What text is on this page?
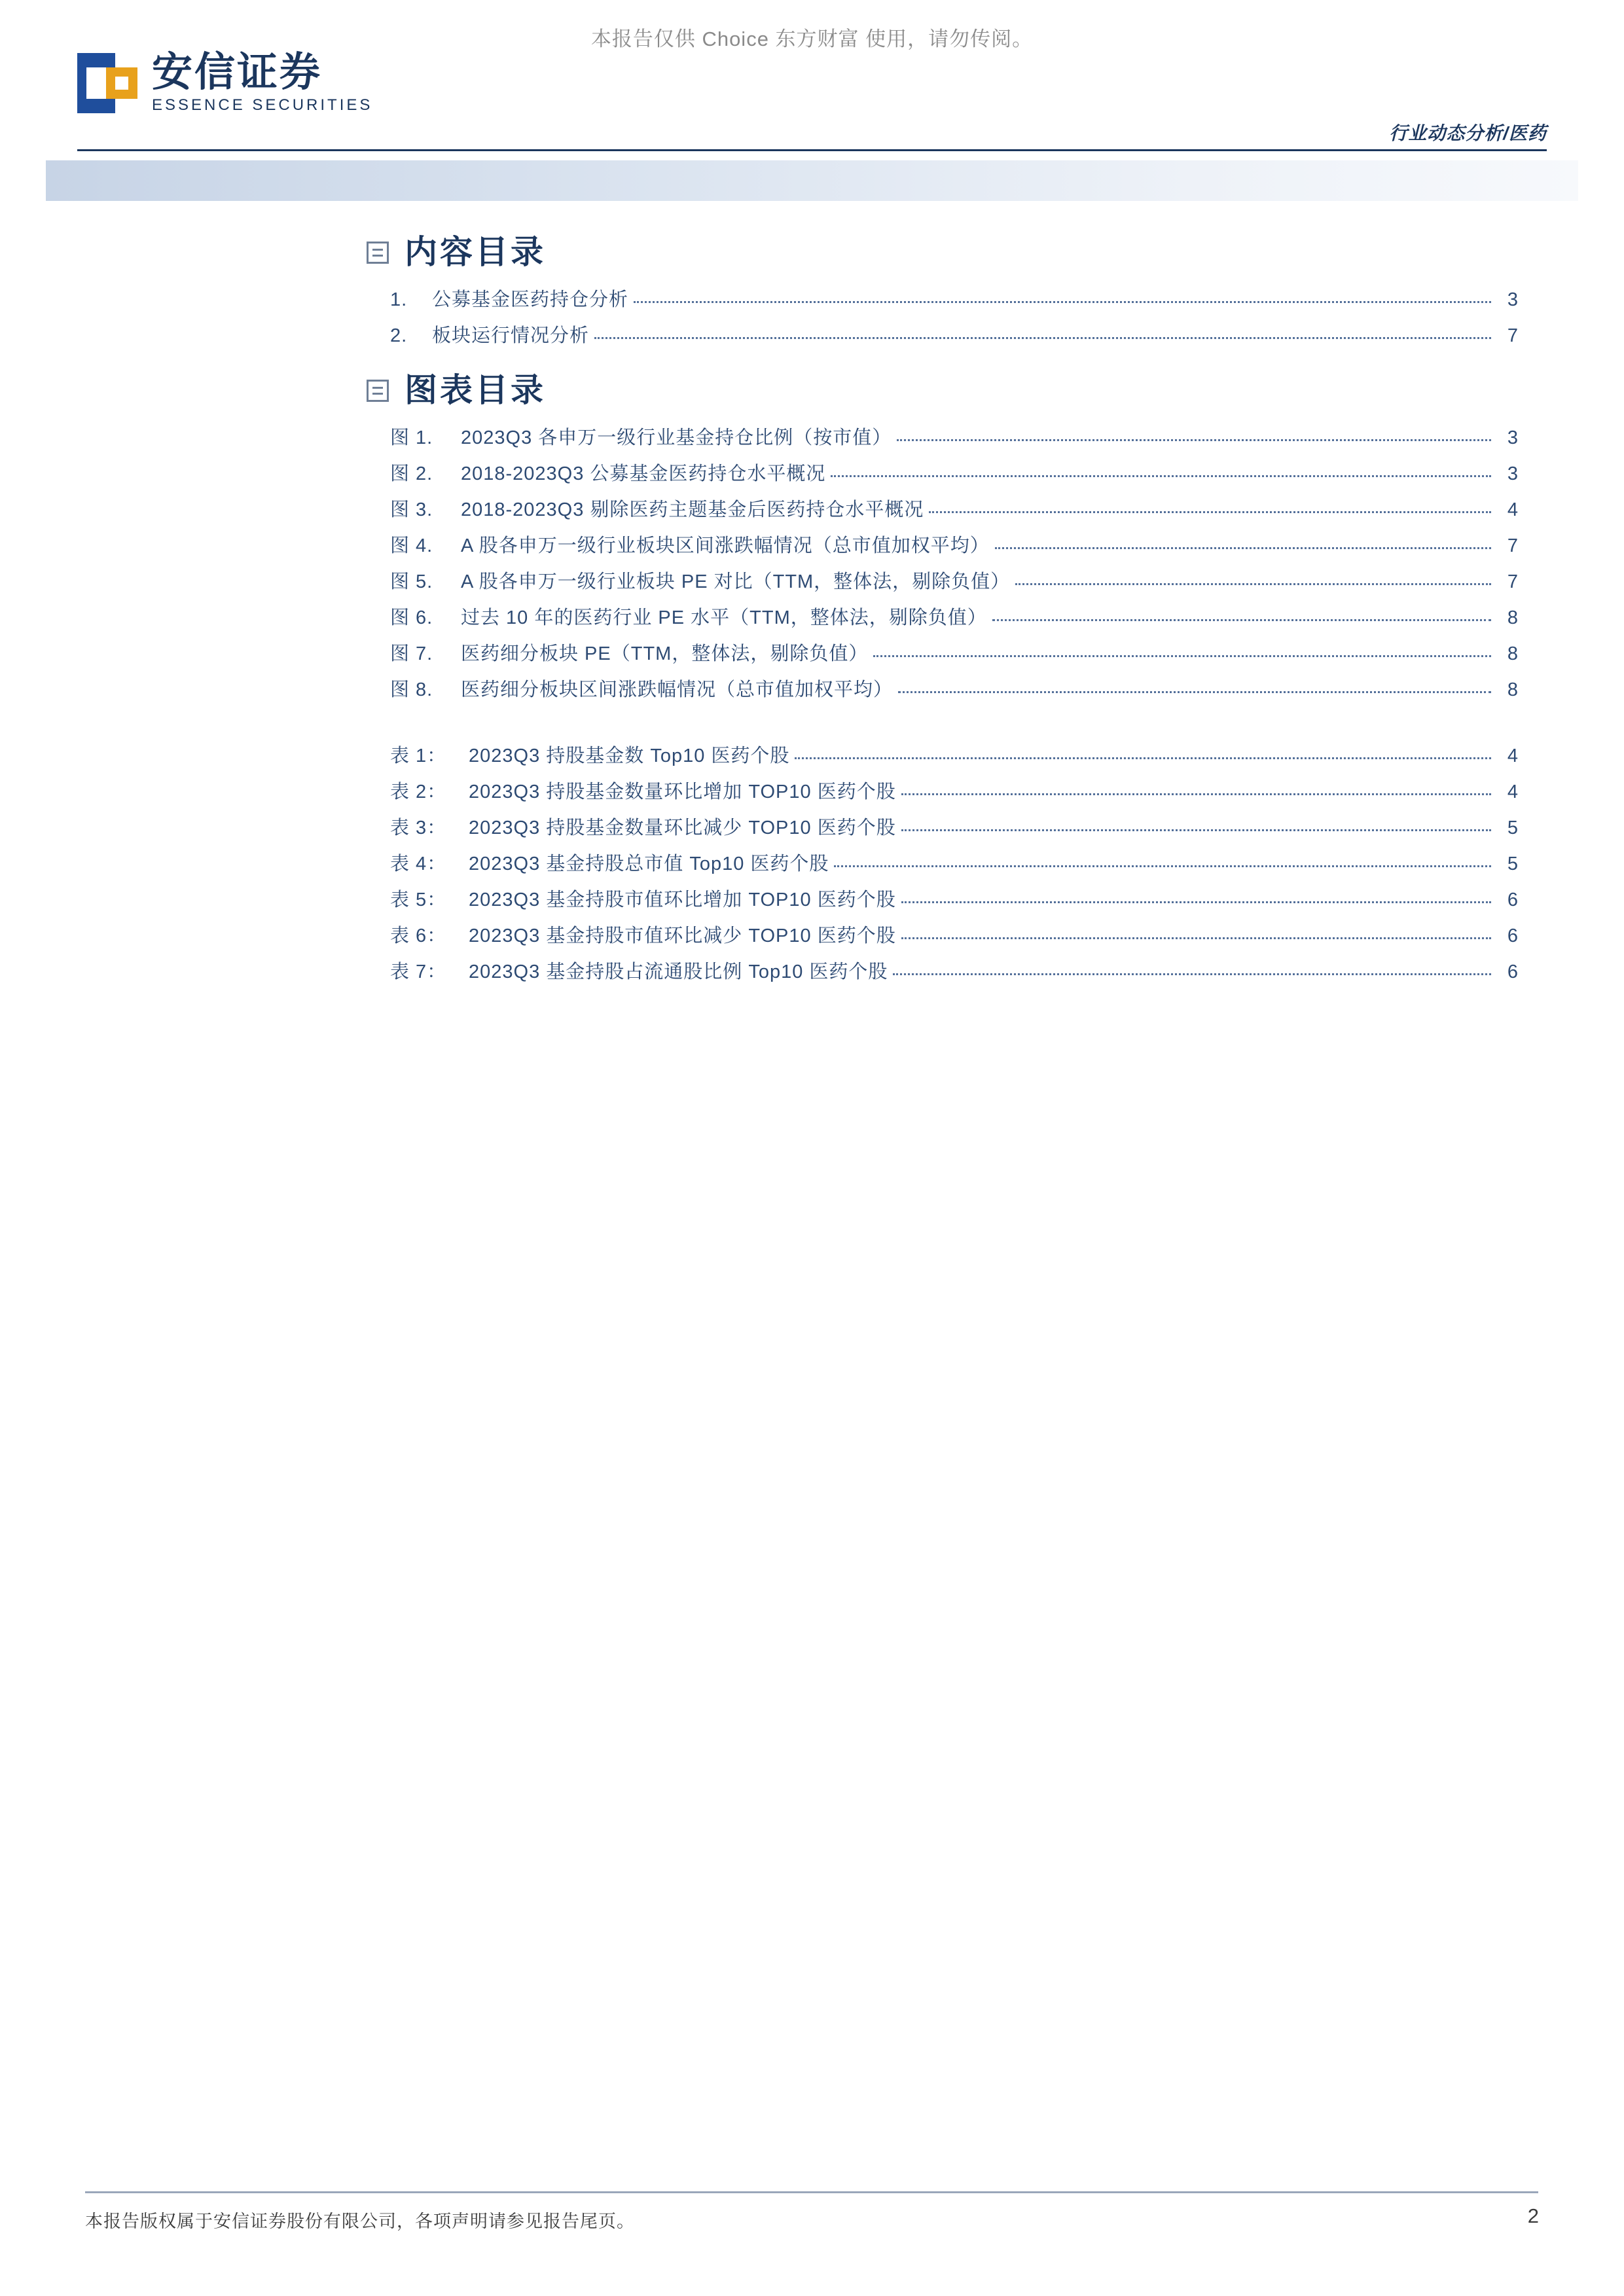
本报告仅供 Choice 东方财富 使用，请勿传阅。
安信证券
ESSENCE SECURITIES
行业动态分析/医药
内容目录
1.	公募基金医药持仓分析	3
2.	板块运行情况分析	7
图表目录
图 1.	2023Q3 各申万一级行业基金持仓比例（按市值）	3
图 2.	2018-2023Q3 公募基金医药持仓水平概况	3
图 3.	2018-2023Q3 剔除医药主题基金后医药持仓水平概况	4
图 4.	A 股各申万一级行业板块区间涨跌幅情况（总市值加权平均）	7
图 5.	A 股各申万一级行业板块 PE 对比（TTM，整体法，剔除负值）	7
图 6.	过去 10 年的医药行业 PE 水平（TTM，整体法，剔除负值）	8
图 7.	医药细分板块 PE（TTM，整体法，剔除负值）	8
图 8.	医药细分板块区间涨跌幅情况（总市值加权平均）	8
表 1：	2023Q3 持股基金数 Top10 医药个股	4
表 2：	2023Q3 持股基金数量环比增加 TOP10 医药个股	4
表 3：	2023Q3 持股基金数量环比减少 TOP10 医药个股	5
表 4：	2023Q3 基金持股总市值 Top10 医药个股	5
表 5：	2023Q3 基金持股市值环比增加 TOP10 医药个股	6
表 6：	2023Q3 基金持股市值环比减少 TOP10 医药个股	6
表 7：	2023Q3 基金持股占流通股比例 Top10 医药个股	6
本报告版权属于安信证券股份有限公司，各项声明请参见报告尾页。	2
